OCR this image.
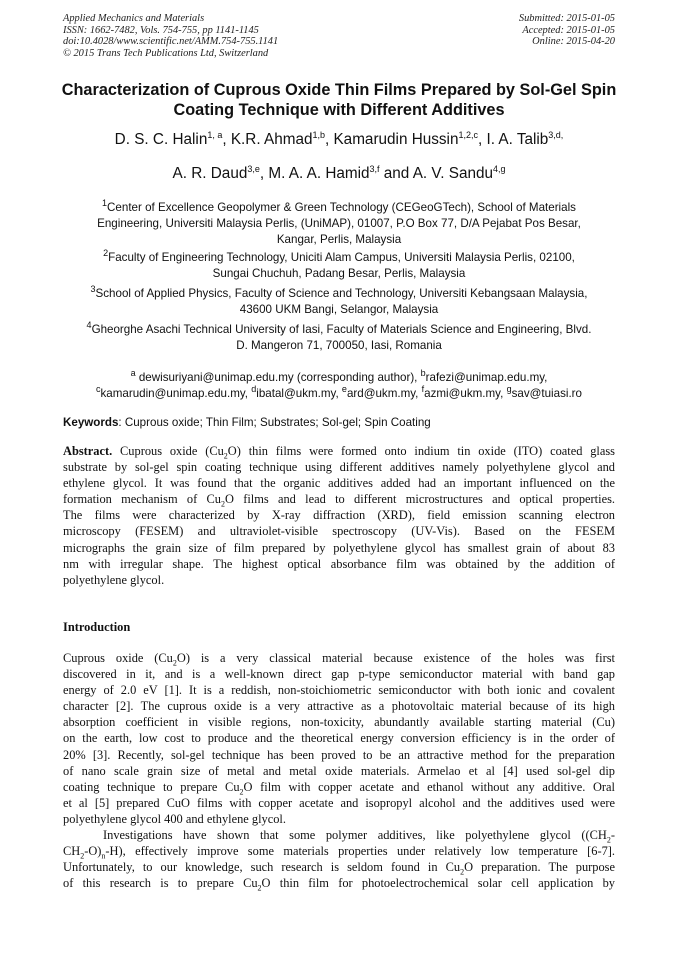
Applied Mechanics and Materials
ISSN: 1662-7482, Vols. 754-755, pp 1141-1145
doi:10.4028/www.scientific.net/AMM.754-755.1141
© 2015 Trans Tech Publications Ltd, Switzerland
Submitted: 2015-01-05
Accepted: 2015-01-05
Online: 2015-04-20
Characterization of Cuprous Oxide Thin Films Prepared by Sol-Gel Spin
Coating Technique with Different Additives
D. S. C. Halin$^{1, a}$, K.R. Ahmad$^{1,b}$, Kamarudin Hussin$^{1,2,c}$, I. A. Talib$^{3,d,}$
A. R. Daud$^{3,e}$, M. A. A. Hamid$^{3,f}$ and A. V. Sandu$^{4,g}$
$^1$Center of Excellence Geopolymer & Green Technology (CEGeoGTech), School of Materials
Engineering, Universiti Malaysia Perlis, (UniMAP), 01007, P.O Box 77, D/A Pejabat Pos Besar,
Kangar, Perlis, Malaysia
$^2$Faculty of Engineering Technology, Uniciti Alam Campus, Universiti Malaysia Perlis, 02100,
Sungai Chuchuh, Padang Besar, Perlis, Malaysia
$^3$School of Applied Physics, Faculty of Science and Technology, Universiti Kebangsaan Malaysia,
43600 UKM Bangi, Selangor, Malaysia
$^4$Gheorghe Asachi Technical University of Iasi, Faculty of Materials Science and Engineering, Blvd.
D. Mangeron 71, 700050, Iasi, Romania
$^a$ dewisuriyani@unimap.edu.my (corresponding author), $^b$rafezi@unimap.edu.my,
$^c$kamarudin@unimap.edu.my, $^d$ibatal@ukm.my, $^e$ard@ukm.my, $^f$azmi@ukm.my, $^g$sav@tuiasi.ro
Keywords: Cuprous oxide; Thin Film; Substrates; Sol-gel; Spin Coating
Abstract. Cuprous oxide $(Cu_2O)$ thin films were formed onto indium tin oxide (ITO) coated glass
substrate by sol-gel spin coating technique using different additives namely polyethylene glycol and
ethylene glycol. It was found that the organic additives added had an important influenced on the
formation mechanism of $Cu_2O$ films and lead to different microstructures and optical properties.
The films were characterized by X-ray diffraction (XRD), field emission scanning electron
microscopy (FESEM) and ultraviolet-visible spectroscopy (UV-Vis). Based on the FESEM
micrographs the grain size of film prepared by polyethylene glycol has smallest grain of about 83
nm with irregular shape. The highest optical absorbance film was obtained by the addition of
polyethylene glycol.
Introduction
Cuprous oxide $(Cu_2O)$ is a very classical material because existence of the holes was first
discovered in it, and is a well-known direct gap p-type semiconductor material with band gap
energy of 2.0 eV [1]. It is a reddish, non-stoichiometric semiconductor with both ionic and covalent
character [2]. The cuprous oxide is a very attractive as a photovoltaic material because of its high
absorption coefficient in visible regions, non-toxicity, abundantly available starting material (Cu)
on the earth, low cost to produce and the theoretical energy conversion efficiency is in the order of
20% [3]. Recently, sol-gel technique has been proved to be an attractive method for the preparation
of nano scale grain size of metal and metal oxide materials. Armelao et al [4] used sol-gel dip
coating technique to prepare $Cu_2O$ film with copper acetate and ethanol without any additive. Oral
et al [5] prepared CuO films with copper acetate and isopropyl alcohol and the additives used were
polyethylene glycol 400 and ethylene glycol.
Investigations have shown that some polymer additives, like polyethylene glycol (($CH_2-$
$CH_2-O)_n-H$), effectively improve some materials properties under relatively low temperature [6-7].
Unfortunately, to our knowledge, such research is seldom found in $Cu_2O$ preparation. The purpose
of this research is to prepare $Cu_2O$ thin film for photoelectrochemical solar cell application by
